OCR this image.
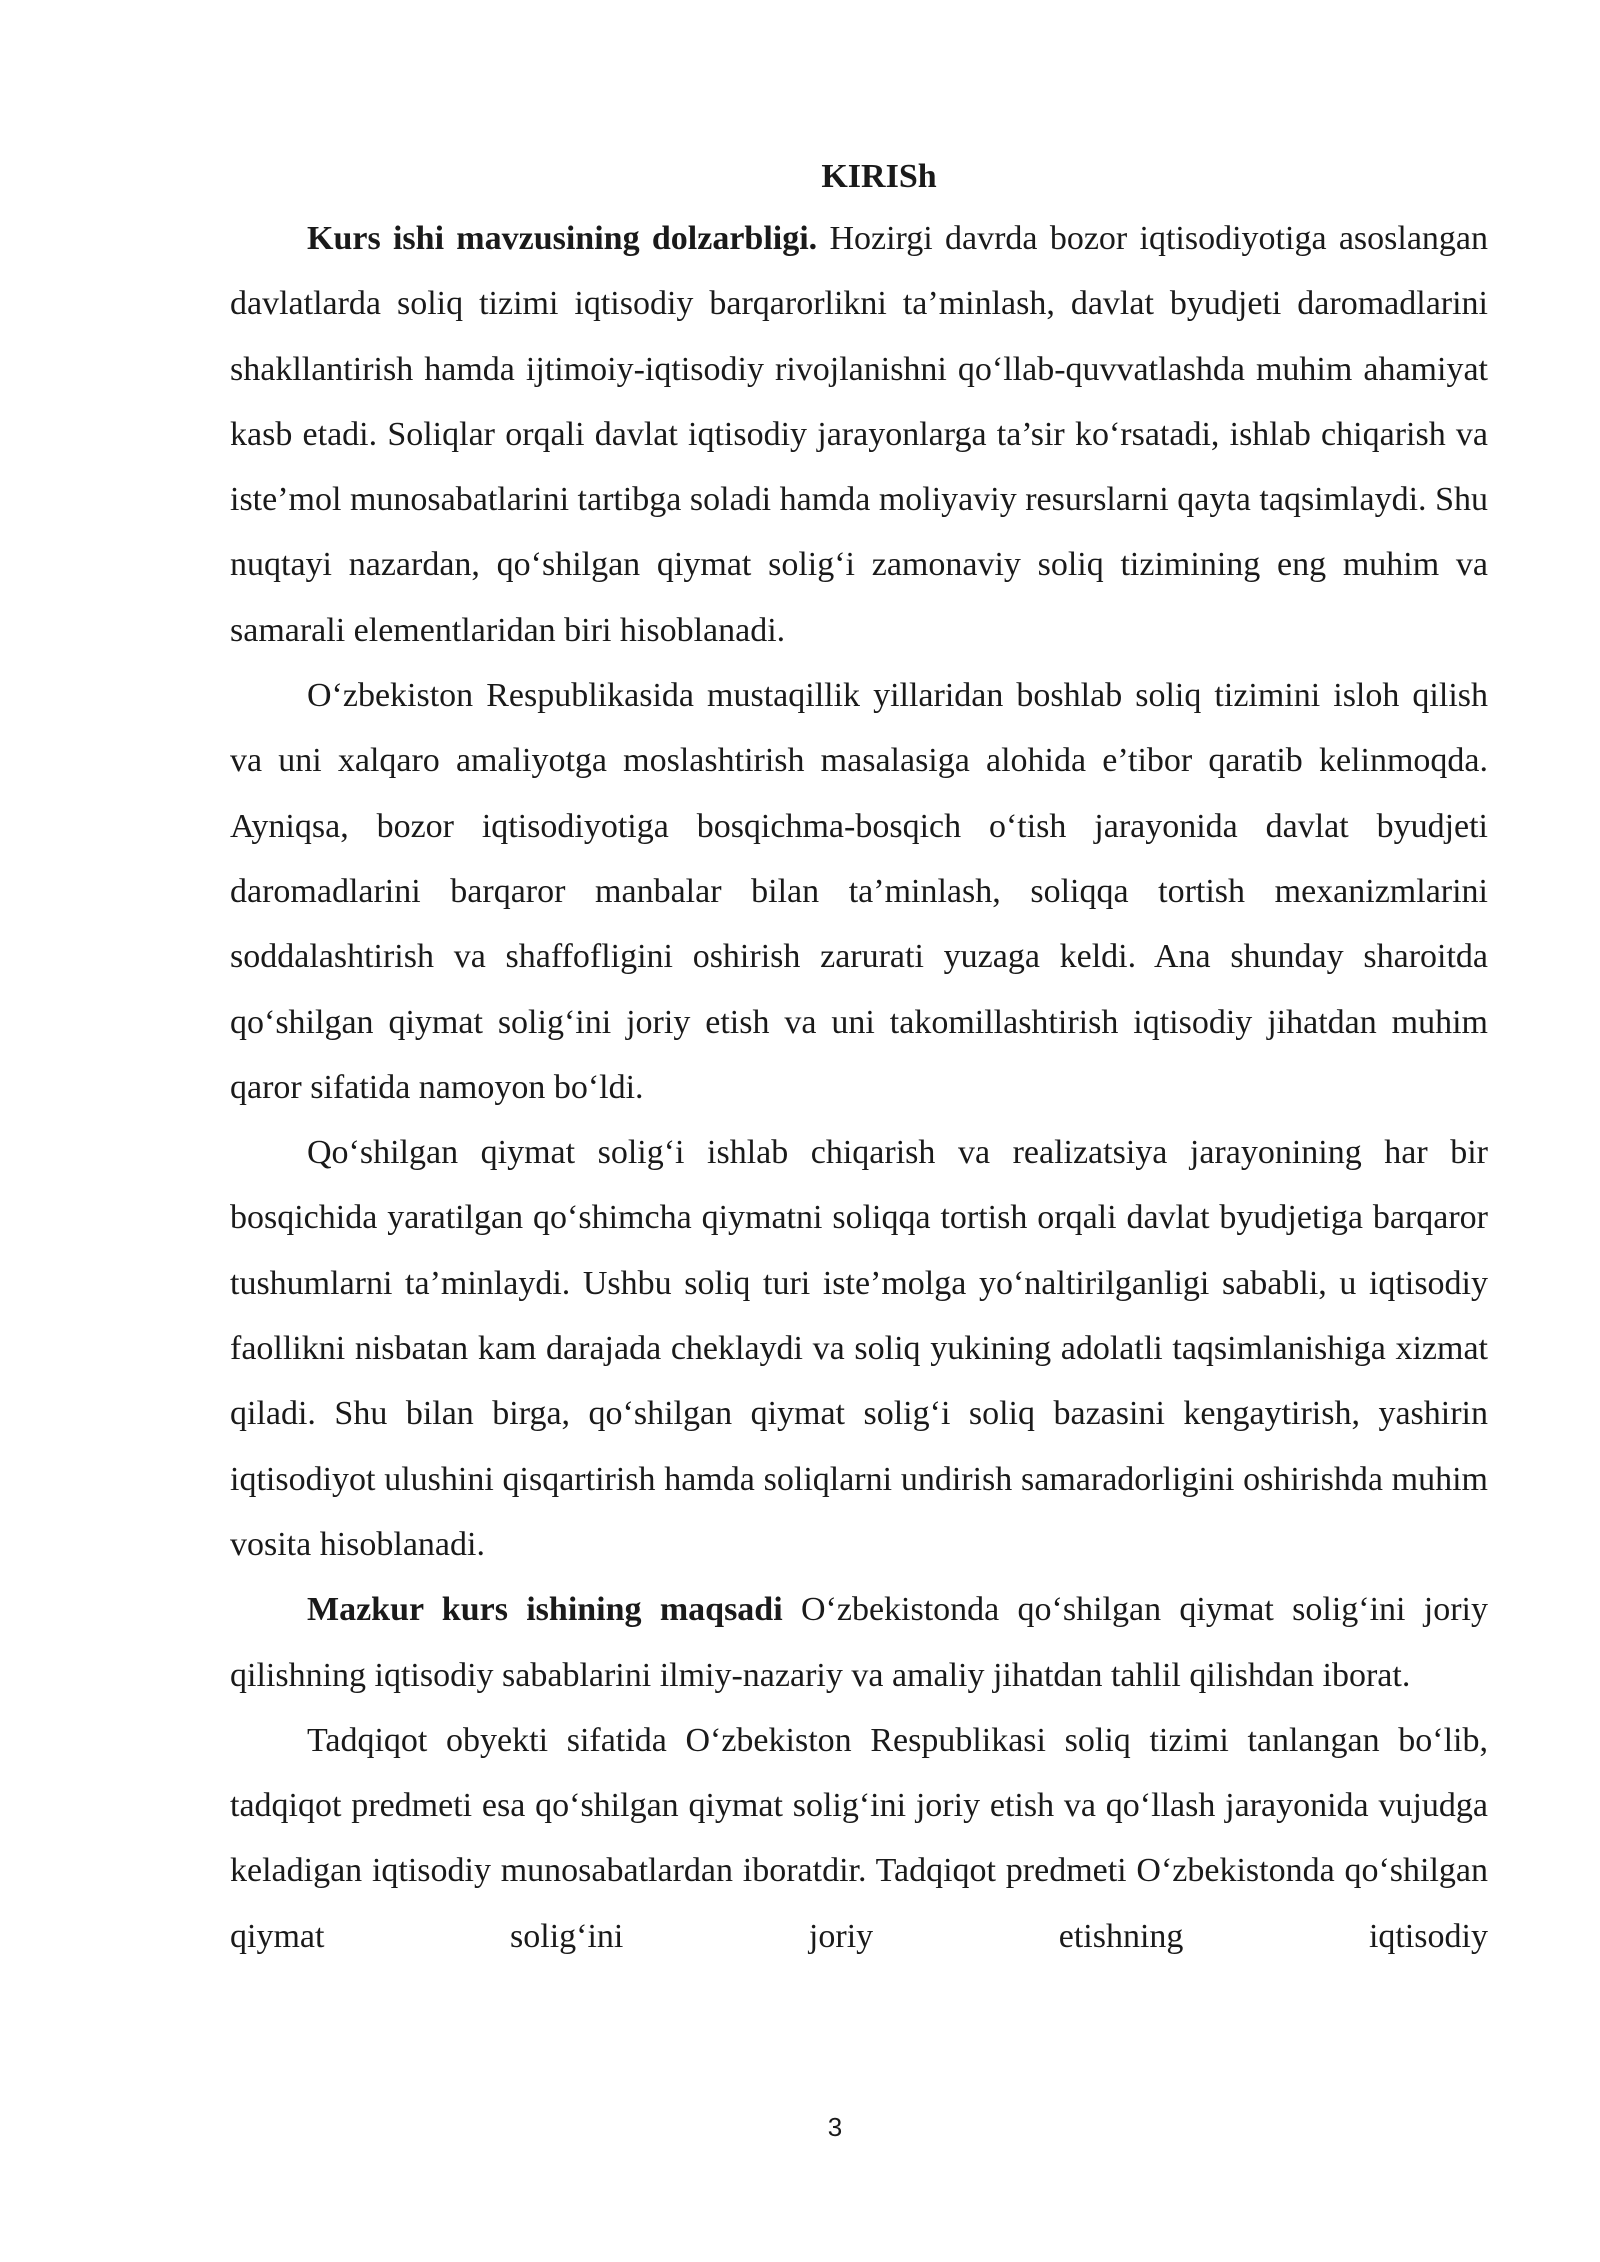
KIRISh

Kurs ishi mavzusining dolzarbligi. Hozirgi davrda bozor iqtisodiyotiga asoslangan davlatlarda soliq tizimi iqtisodiy barqarorlikni ta’minlash, davlat byudjeti daromadlarini shakllantirish hamda ijtimoiy-iqtisodiy rivojlanishni qo‘llab-quvvatlashda muhim ahamiyat kasb etadi. Soliqlar orqali davlat iqtisodiy jarayonlarga ta’sir ko‘rsatadi, ishlab chiqarish va iste’mol munosabatlarini tartibga soladi hamda moliyaviy resurslarni qayta taqsimlaydi. Shu nuqtayi nazardan, qo‘shilgan qiymat solig‘i zamonaviy soliq tizimining eng muhim va samarali elementlaridan biri hisoblanadi.

O‘zbekiston Respublikasida mustaqillik yillaridan boshlab soliq tizimini isloh qilish va uni xalqaro amaliyotga moslashtirish masalasiga alohida e’tibor qaratib kelinmoqda. Ayniqsa, bozor iqtisodiyotiga bosqichma-bosqich o‘tish jarayonida davlat byudjeti daromadlarini barqaror manbalar bilan ta’minlash, soliqqa tortish mexanizmlarini soddalashtirish va shaffofligini oshirish zarurati yuzaga keldi. Ana shunday sharoitda qo‘shilgan qiymat solig‘ini joriy etish va uni takomillashtirish iqtisodiy jihatdan muhim qaror sifatida namoyon bo‘ldi.

Qo‘shilgan qiymat solig‘i ishlab chiqarish va realizatsiya jarayonining har bir bosqichida yaratilgan qo‘shimcha qiymatni soliqqa tortish orqali davlat byudjetiga barqaror tushumlarni ta’minlaydi. Ushbu soliq turi iste’molga yo‘naltirilganligi sababli, u iqtisodiy faollikni nisbatan kam darajada cheklaydi va soliq yukining adolatli taqsimlanishiga xizmat qiladi. Shu bilan birga, qo‘shilgan qiymat solig‘i soliq bazasini kengaytirish, yashirin iqtisodiyot ulushini qisqartirish hamda soliqlarni undirish samaradorligini oshirishda muhim vosita hisoblanadi.

Mazkur kurs ishining maqsadi O‘zbekistonda qo‘shilgan qiymat solig‘ini joriy qilishning iqtisodiy sabablarini ilmiy-nazariy va amaliy jihatdan tahlil qilishdan iborat.

Tadqiqot obyekti sifatida O‘zbekiston Respublikasi soliq tizimi tanlangan bo‘lib, tadqiqot predmeti esa qo‘shilgan qiymat solig‘ini joriy etish va qo‘llash jarayonida vujudga keladigan iqtisodiy munosabatlardan iboratdir. Tadqiqot predmeti O‘zbekistonda qo‘shilgan qiymat solig‘ini joriy etishning iqtisodiy

3
